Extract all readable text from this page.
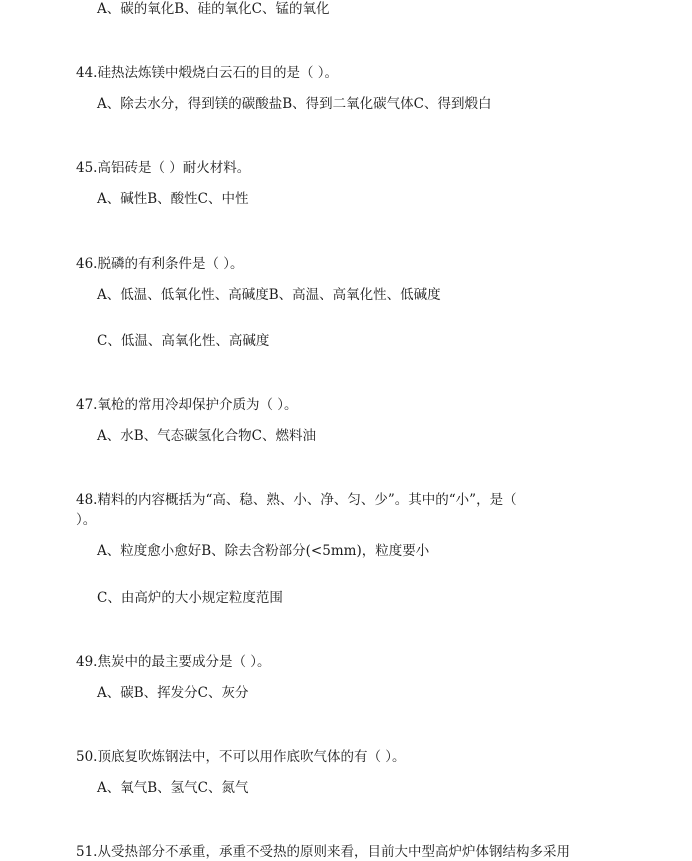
A、碳的氧化B、硅的氧化C、锰的氧化
44.硅热法炼镁中煅烧白云石的目的是（ ）。
A、除去水分，得到镁的碳酸盐B、得到二氧化碳气体C、得到煅白
45.高铝砖是（ ）耐火材料。
A、碱性B、酸性C、中性
46.脱磷的有利条件是（ ）。
A、低温、低氧化性、高碱度B、高温、高氧化性、低碱度
C、低温、高氧化性、高碱度
47.氧枪的常用冷却保护介质为（ ）。
A、水B、气态碳氢化合物C、燃料油
48.精料的内容概括为“高、稳、熟、小、净、匀、少”。其中的“小”，是（
）。
A、粒度愈小愈好B、除去含粉部分(<5mm)，粒度要小
C、由高炉的大小规定粒度范围
49.焦炭中的最主要成分是（ ）。
A、碳B、挥发分C、灰分
50.顶底复吹炼钢法中，不可以用作底吹气体的有（ ）。
A、氧气B、氢气C、氮气
51.从受热部分不承重，承重不受热的原则来看，目前大中型高炉炉体钢结构多采用
